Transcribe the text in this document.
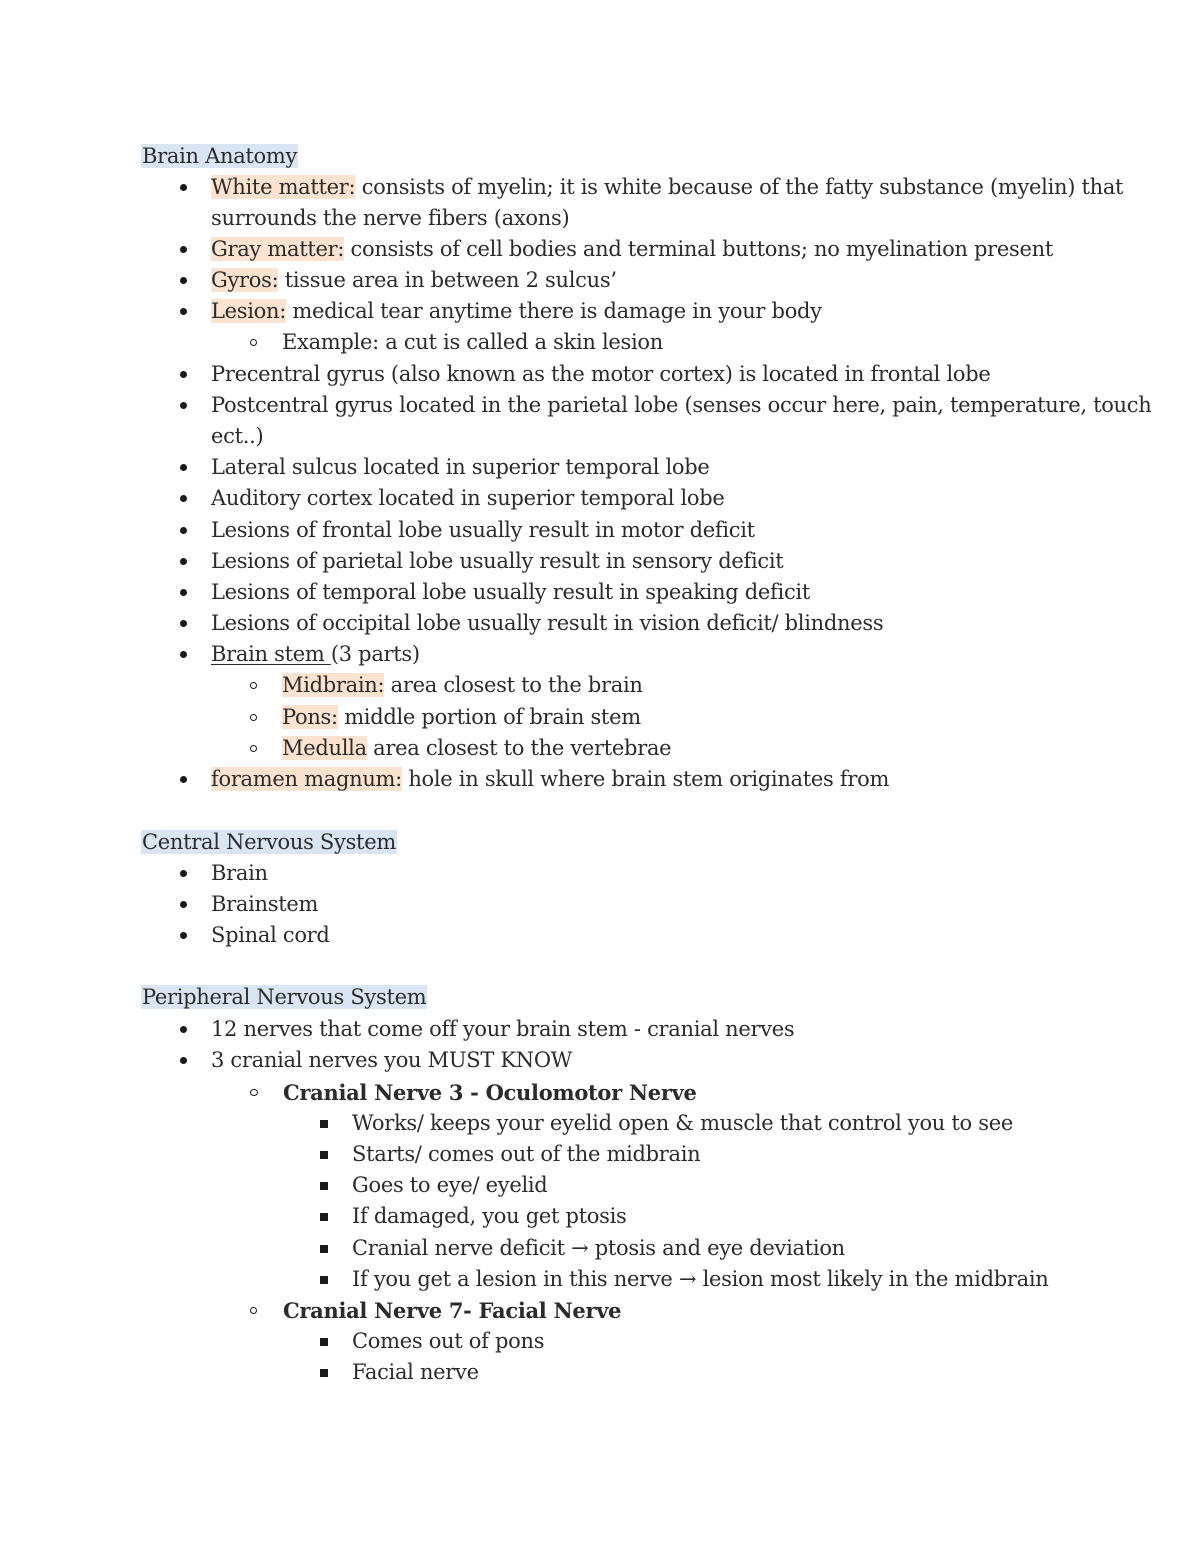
Brain Anatomy
White matter: consists of myelin; it is white because of the fatty substance (myelin) that
surrounds the nerve fibers (axons)
Gray matter: consists of cell bodies and terminal buttons; no myelination present
Gyros: tissue area in between 2 sulcus’
Lesion: medical tear anytime there is damage in your body
Example: a cut is called a skin lesion
Precentral gyrus (also known as the motor cortex) is located in frontal lobe
Postcentral gyrus located in the parietal lobe (senses occur here, pain, temperature, touch
ect..)
Lateral sulcus located in superior temporal lobe
Auditory cortex located in superior temporal lobe
Lesions of frontal lobe usually result in motor deficit
Lesions of parietal lobe usually result in sensory deficit
Lesions of temporal lobe usually result in speaking deficit
Lesions of occipital lobe usually result in vision deficit/ blindness
Brain stem (3 parts)
Midbrain: area closest to the brain
Pons: middle portion of brain stem
Medulla area closest to the vertebrae
foramen magnum: hole in skull where brain stem originates from
Central Nervous System
Brain
Brainstem
Spinal cord
Peripheral Nervous System
12 nerves that come off your brain stem - cranial nerves
3 cranial nerves you MUST KNOW
Cranial Nerve 3 - Oculomotor Nerve
Works/ keeps your eyelid open & muscle that control you to see
Starts/ comes out of the midbrain
Goes to eye/ eyelid
If damaged, you get ptosis
Cranial nerve deficit → ptosis and eye deviation
If you get a lesion in this nerve → lesion most likely in the midbrain
Cranial Nerve 7- Facial Nerve
Comes out of pons
Facial nerve
